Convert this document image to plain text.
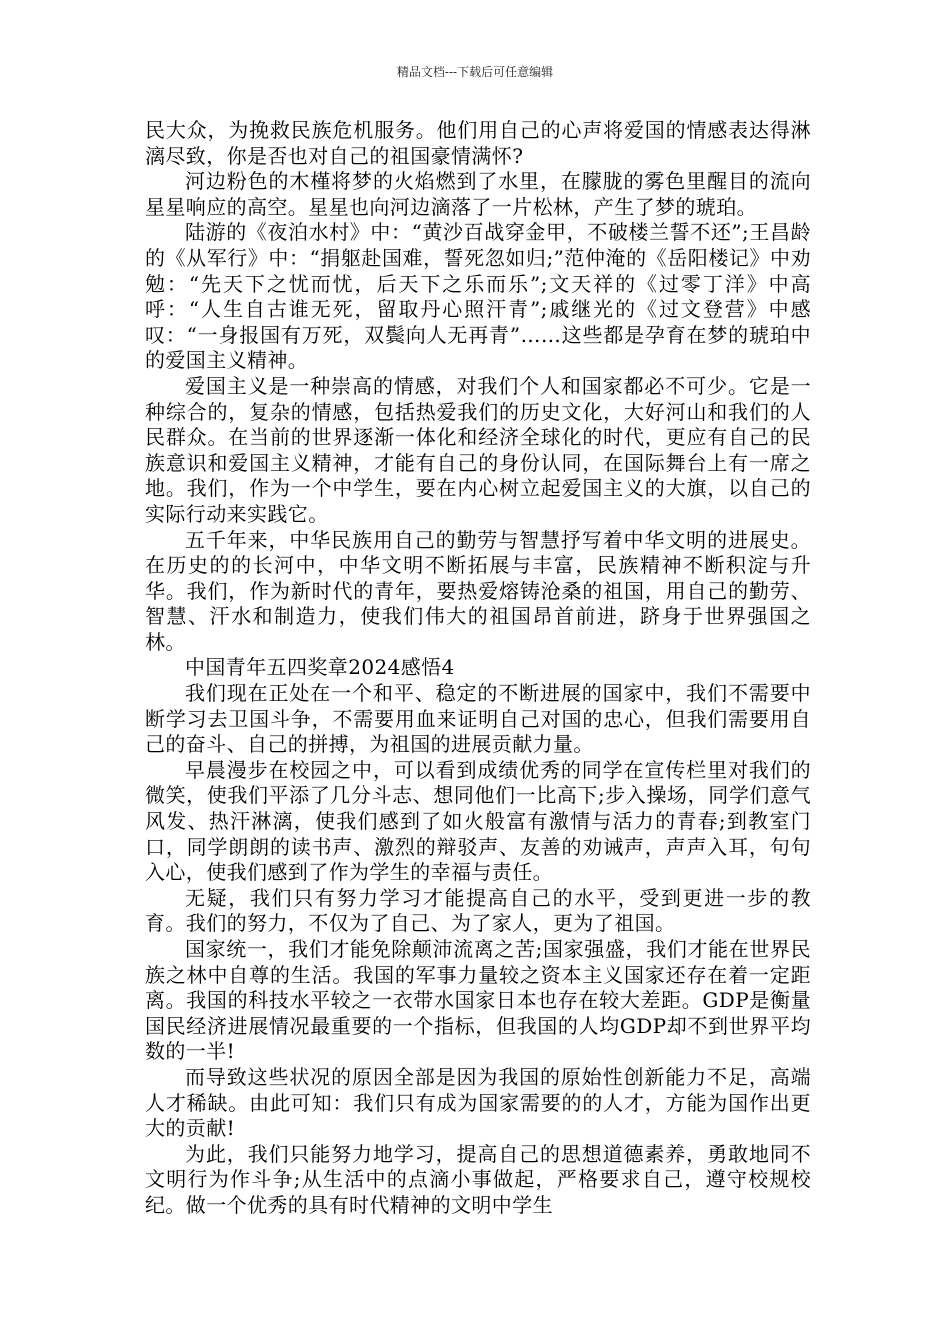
精品文档---下载后可任意编辑

民大众，为挽救民族危机服务。他们用自己的心声将爱国的情感表达得淋漓尽致，你是否也对自己的祖国豪情满怀?

河边粉色的木槿将梦的火焰燃到了水里，在朦胧的雾色里醒目的流向星星响应的高空。星星也向河边滴落了一片松林，产生了梦的琥珀。

陆游的《夜泊水村》中：“黄沙百战穿金甲，不破楼兰誓不还”;王昌龄的《从军行》中：“捐躯赴国难，誓死忽如归;”范仲淹的《岳阳楼记》中劝勉：“先天下之忧而忧，后天下之乐而乐”;文天祥的《过零丁洋》中高呼：“人生自古谁无死，留取丹心照汗青”;戚继光的《过文登营》中感叹：“一身报国有万死，双鬓向人无再青”……这些都是孕育在梦的琥珀中的爱国主义精神。

爱国主义是一种崇高的情感，对我们个人和国家都必不可少。它是一种综合的，复杂的情感，包括热爱我们的历史文化，大好河山和我们的人民群众。在当前的世界逐渐一体化和经济全球化的时代，更应有自己的民族意识和爱国主义精神，才能有自己的身份认同，在国际舞台上有一席之地。我们，作为一个中学生，要在内心树立起爱国主义的大旗，以自己的实际行动来实践它。

五千年来，中华民族用自己的勤劳与智慧抒写着中华文明的进展史。在历史的的长河中，中华文明不断拓展与丰富，民族精神不断积淀与升华。我们，作为新时代的青年，要热爱熔铸沧桑的祖国，用自己的勤劳、智慧、汗水和制造力，使我们伟大的祖国昂首前进，跻身于世界强国之林。

中国青年五四奖章2024感悟4

我们现在正处在一个和平、稳定的不断进展的国家中，我们不需要中断学习去卫国斗争，不需要用血来证明自己对国的忠心，但我们需要用自己的奋斗、自己的拼搏，为祖国的进展贡献力量。

早晨漫步在校园之中，可以看到成绩优秀的同学在宣传栏里对我们的微笑，使我们平添了几分斗志、想同他们一比高下;步入操场，同学们意气风发、热汗淋漓，使我们感到了如火般富有激情与活力的青春;到教室门口，同学朗朗的读书声、激烈的辩驳声、友善的劝诫声，声声入耳，句句入心，使我们感到了作为学生的幸福与责任。

无疑，我们只有努力学习才能提高自己的水平，受到更进一步的教育。我们的努力，不仅为了自己、为了家人，更为了祖国。

国家统一，我们才能免除颠沛流离之苦;国家强盛，我们才能在世界民族之林中自尊的生活。我国的军事力量较之资本主义国家还存在着一定距离。我国的科技水平较之一衣带水国家日本也存在较大差距。GDP是衡量国民经济进展情况最重要的一个指标，但我国的人均GDP却不到世界平均数的一半!

而导致这些状况的原因全部是因为我国的原始性创新能力不足，高端人才稀缺。由此可知：我们只有成为国家需要的的人才，方能为国作出更大的贡献!

为此，我们只能努力地学习，提高自己的思想道德素养，勇敢地同不文明行为作斗争;从生活中的点滴小事做起，严格要求自己，遵守校规校纪。做一个优秀的具有时代精神的文明中学生
